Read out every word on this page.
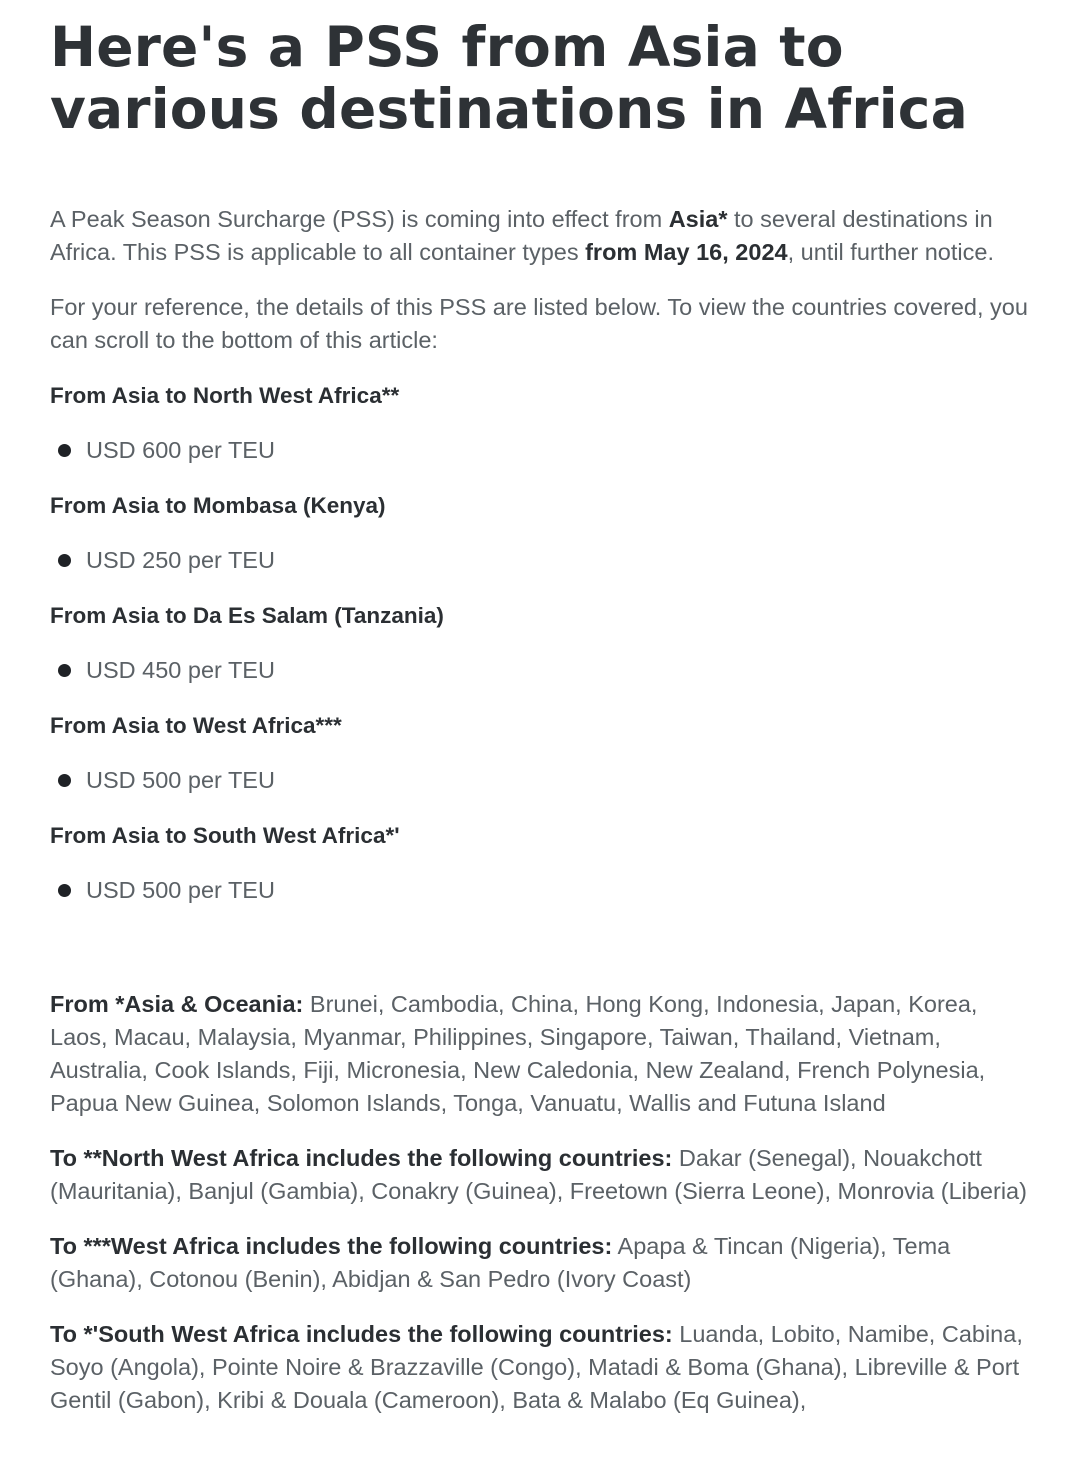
Here's a PSS from Asia to various destinations in Africa

A Peak Season Surcharge (PSS) is coming into effect from Asia* to several destinations in Africa. This PSS is applicable to all container types from May 16, 2024, until further notice.

For your reference, the details of this PSS are listed below. To view the countries covered, you can scroll to the bottom of this article:

From Asia to North West Africa**
USD 600 per TEU
From Asia to Mombasa (Kenya)
USD 250 per TEU
From Asia to Da Es Salam (Tanzania)
USD 450 per TEU
From Asia to West Africa***
USD 500 per TEU
From Asia to South West Africa*'
USD 500 per TEU

From *Asia & Oceania: Brunei, Cambodia, China, Hong Kong, Indonesia, Japan, Korea, Laos, Macau, Malaysia, Myanmar, Philippines, Singapore, Taiwan, Thailand, Vietnam, Australia, Cook Islands, Fiji, Micronesia, New Caledonia, New Zealand, French Polynesia, Papua New Guinea, Solomon Islands, Tonga, Vanuatu, Wallis and Futuna Island

To **North West Africa includes the following countries: Dakar (Senegal), Nouakchott (Mauritania), Banjul (Gambia), Conakry (Guinea), Freetown (Sierra Leone), Monrovia (Liberia)

To ***West Africa includes the following countries: Apapa & Tincan (Nigeria), Tema (Ghana), Cotonou (Benin), Abidjan & San Pedro (Ivory Coast)

To *'South West Africa includes the following countries: Luanda, Lobito, Namibe, Cabina, Soyo (Angola), Pointe Noire & Brazzaville (Congo), Matadi & Boma (Ghana), Libreville & Port Gentil (Gabon), Kribi & Douala (Cameroon), Bata & Malabo (Eq Guinea),
